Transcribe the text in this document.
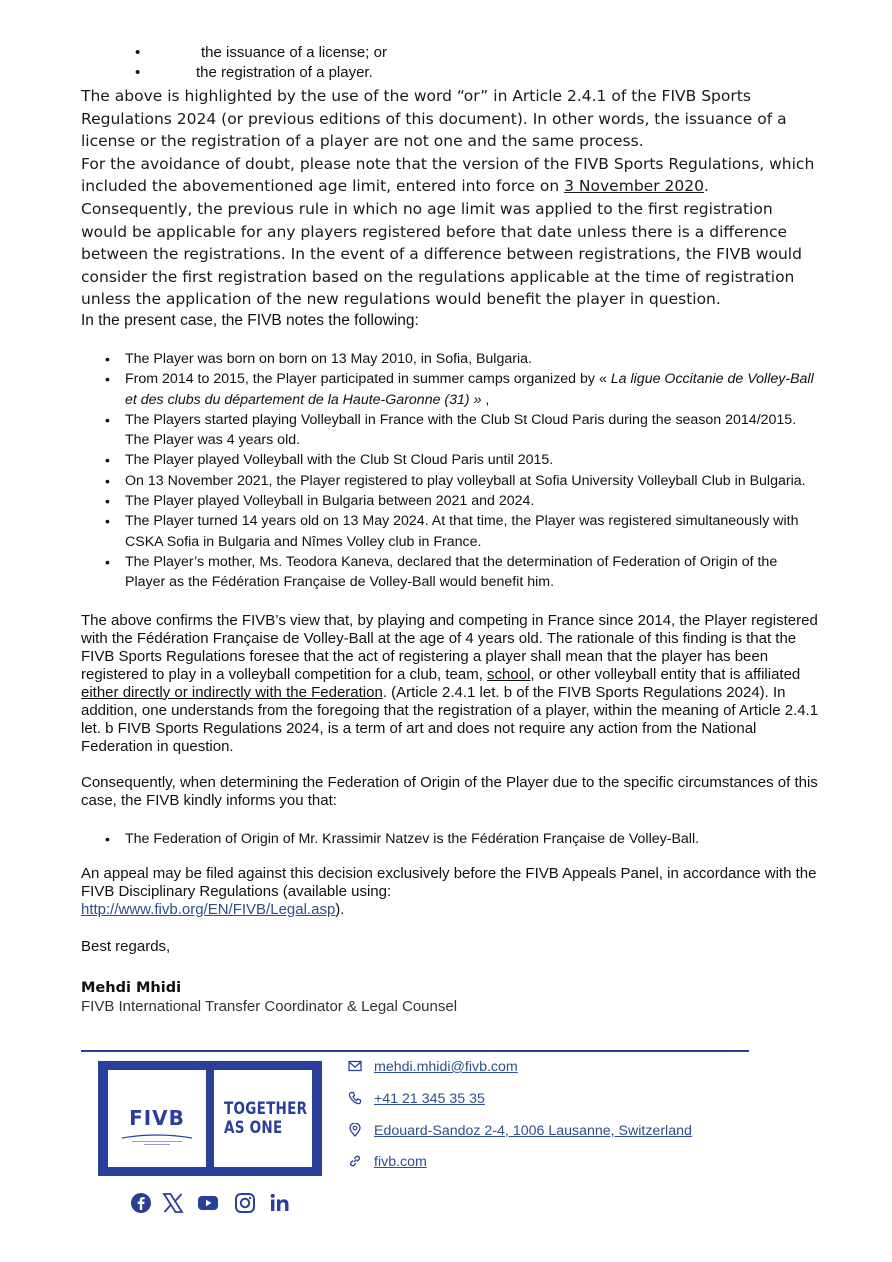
• the issuance of a license; or
• the registration of a player.

The above is highlighted by the use of the word “or” in Article 2.4.1 of the FIVB Sports Regulations 2024 (or previous editions of this document). In other words, the issuance of a license or the registration of a player are not one and the same process.

For the avoidance of doubt, please note that the version of the FIVB Sports Regulations, which included the abovementioned age limit, entered into force on 3 November 2020. Consequently, the previous rule in which no age limit was applied to the first registration would be applicable for any players registered before that date unless there is a difference between the registrations. In the event of a difference between registrations, the FIVB would consider the first registration based on the regulations applicable at the time of registration unless the application of the new regulations would benefit the player in question.

In the present case, the FIVB notes the following:

• The Player was born on born on 13 May 2010, in Sofia, Bulgaria.
• From 2014 to 2015, the Player participated in summer camps organized by « La ligue Occitanie de Volley-Ball et des clubs du département de la Haute-Garonne (31) » ,
• The Players started playing Volleyball in France with the Club St Cloud Paris during the season 2014/2015. The Player was 4 years old.
• The Player played Volleyball with the Club St Cloud Paris until 2015.
• On 13 November 2021, the Player registered to play volleyball at Sofia University Volleyball Club in Bulgaria.
• The Player played Volleyball in Bulgaria between 2021 and 2024.
• The Player turned 14 years old on 13 May 2024. At that time, the Player was registered simultaneously with CSKA Sofia in Bulgaria and Nîmes Volley club in France.
• The Player’s mother, Ms. Teodora Kaneva, declared that the determination of Federation of Origin of the Player as the Fédération Française de Volley-Ball would benefit him.

The above confirms the FIVB’s view that, by playing and competing in France since 2014, the Player registered with the Fédération Française de Volley-Ball at the age of 4 years old. The rationale of this finding is that the FIVB Sports Regulations foresee that the act of registering a player shall mean that the player has been registered to play in a volleyball competition for a club, team, school, or other volleyball entity that is affiliated either directly or indirectly with the Federation. (Article 2.4.1 let. b of the FIVB Sports Regulations 2024). In addition, one understands from the foregoing that the registration of a player, within the meaning of Article 2.4.1 let. b FIVB Sports Regulations 2024, is a term of art and does not require any action from the National Federation in question.

Consequently, when determining the Federation of Origin of the Player due to the specific circumstances of this case, the FIVB kindly informs you that:

• The Federation of Origin of Mr. Krassimir Natzev is the Fédération Française de Volley-Ball.

An appeal may be filed against this decision exclusively before the FIVB Appeals Panel, in accordance with the FIVB Disciplinary Regulations (available using:
http://www.fivb.org/EN/FIVB/Legal.asp).

Best regards,

Mehdi Mhidi

FIVB International Transfer Coordinator & Legal Counsel

FIVB	TOGETHER
AS ONE
mehdi.mhidi@fivb.com
+41 21 345 35 35
Edouard-Sandoz 2-4, 1006 Lausanne, Switzerland
fivb.com
